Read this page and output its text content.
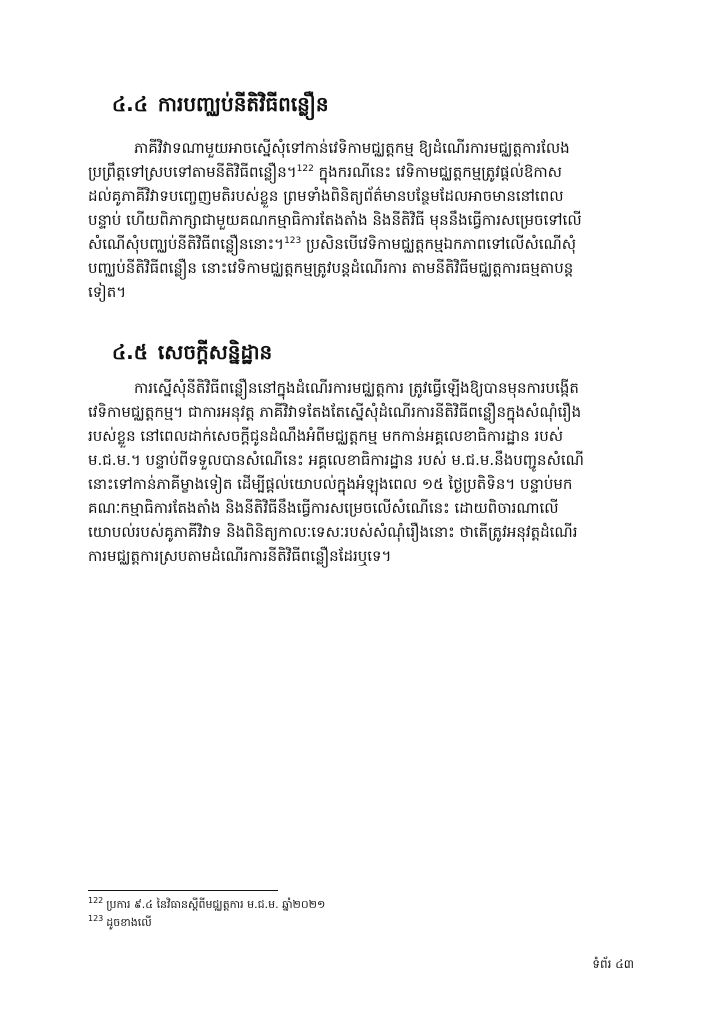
៤.៤ ការបញ្ឈប់នីតិវិធីពន្លឿន
ភាគីវិវាទណាមួយអាចស្នើសុំទៅកាន់វេទិកាមជ្ឈត្តកម្ម ឱ្យដំណើរការមជ្ឈត្តការលែង
ប្រព្រឹត្តទៅស្របទៅតាមនីតិវិធីពន្លឿន។$^{122}$ ក្នុងករណីនេះ វេទិកាមជ្ឈត្តកម្មត្រូវផ្តល់ឱកាស
ដល់គូភាគីវិវាទបញ្ចេញមតិរបស់ខ្លួន ព្រមទាំងពិនិត្យព័ត៌មានបន្ថែមដែលអាចមាននៅពេល
បន្ទាប់ ហើយពិភាក្សាជាមួយគណកម្មាធិការតែងតាំង និងនីតិវិធី មុននឹងធ្វើការសម្រេចទៅលើ
សំណើសុំបញ្ឈប់នីតិវិធីពន្លឿននោះ។$^{123}$ ប្រសិនបើវេទិកាមជ្ឈត្តកម្មឯកភាពទៅលើសំណើសុំ
បញ្ឈប់នីតិវិធីពន្លឿន នោះវេទិកាមជ្ឈត្តកម្មត្រូវបន្តដំណើរការ តាមនីតិវិធីមជ្ឈត្តការធម្មតាបន្ត
ទៀត។
៤.៥ សេចក្តីសន្និដ្ឋាន
ការស្នើសុំនីតិវិធីពន្លឿននៅក្នុងដំណើរការមជ្ឈត្តការ ត្រូវធ្វើឡើងឱ្យបានមុនការបង្កើត
វេទិកាមជ្ឈត្តកម្ម។ ជាការអនុវត្ត ភាគីវិវាទតែងតែស្នើសុំដំណើរការនីតិវិធីពន្លឿនក្នុងសំណុំរឿង
របស់ខ្លួន នៅពេលដាក់សេចក្តីជូនដំណឹងអំពីមជ្ឈត្តកម្ម មកកាន់អគ្គលេខាធិការដ្ឋាន របស់
ម.ជ.ម.។ បន្ទាប់ពីទទួលបានសំណើនេះ អគ្គលេខាធិការដ្ឋាន របស់ ម.ជ.ម.នឹងបញ្ជូនសំណើ
នោះទៅកាន់ភាគីម្ខាងទៀត ដើម្បីផ្តល់យោបល់ក្នុងអំឡុងពេល ១៥ ថ្ងៃប្រតិទិន។ បន្ទាប់មក
គណៈកម្មាធិការតែងតាំង និងនីតិវិធីនឹងធ្វើការសម្រេចលើសំណើនេះ ដោយពិចារណាលើ
យោបល់របស់គូភាគីវិវាទ និងពិនិត្យកាលៈទេសៈរបស់សំណុំរឿងនោះ ថាតើត្រូវអនុវត្តដំណើរ
ការមជ្ឈត្តការស្របតាមដំណើរការនីតិវិធីពន្លឿនដែរឬទេ។
$^{122}$ ប្រការ ៩.៤ នៃវិធានស្តីពីមជ្ឈត្តការ ម.ជ.ម. ឆ្នាំ២០២១
$^{123}$ ដូចខាងលើ
ទំព័រ ៤៣
